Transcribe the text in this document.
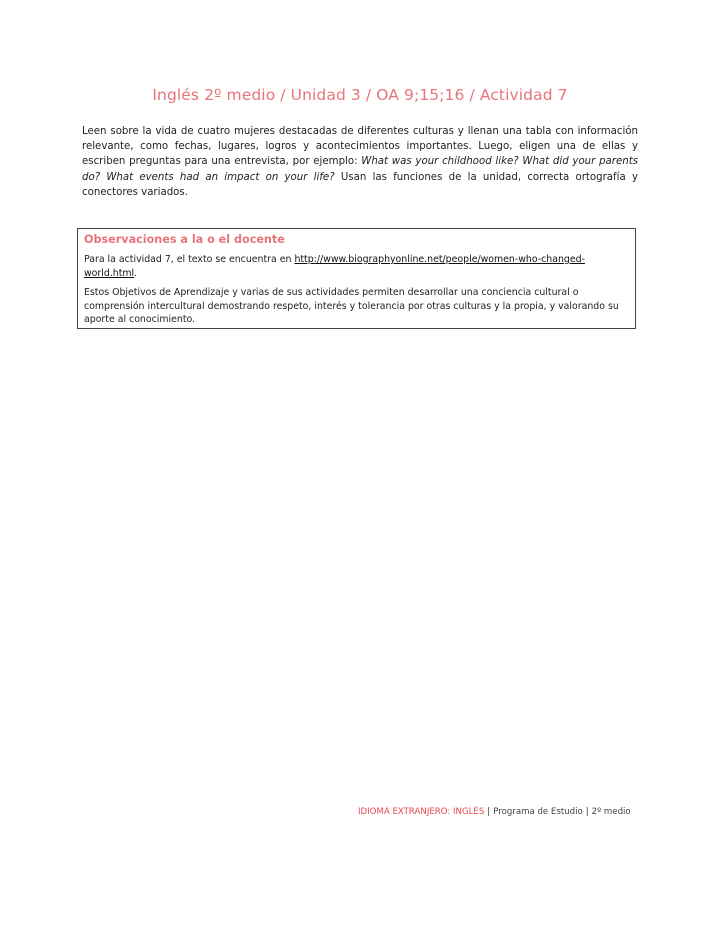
Inglés 2º medio / Unidad 3 / OA 9;15;16 / Actividad 7
Leen sobre la vida de cuatro mujeres destacadas de diferentes culturas y llenan una tabla con información relevante, como fechas, lugares, logros y acontecimientos importantes. Luego, eligen una de ellas y escriben preguntas para una entrevista, por ejemplo: What was your childhood like? What did your parents do? What events had an impact on your life? Usan las funciones de la unidad, correcta ortografía y conectores variados.
Observaciones a la o el docente

Para la actividad 7, el texto se encuentra en http://www.biographyonline.net/people/women-who-changed-world.html.

Estos Objetivos de Aprendizaje y varias de sus actividades permiten desarrollar una conciencia cultural o comprensión intercultural demostrando respeto, interés y tolerancia por otras culturas y la propia, y valorando su aporte al conocimiento.

IDIOMA EXTRANJERO: INGLÉS | Programa de Estudio | 2º medio
